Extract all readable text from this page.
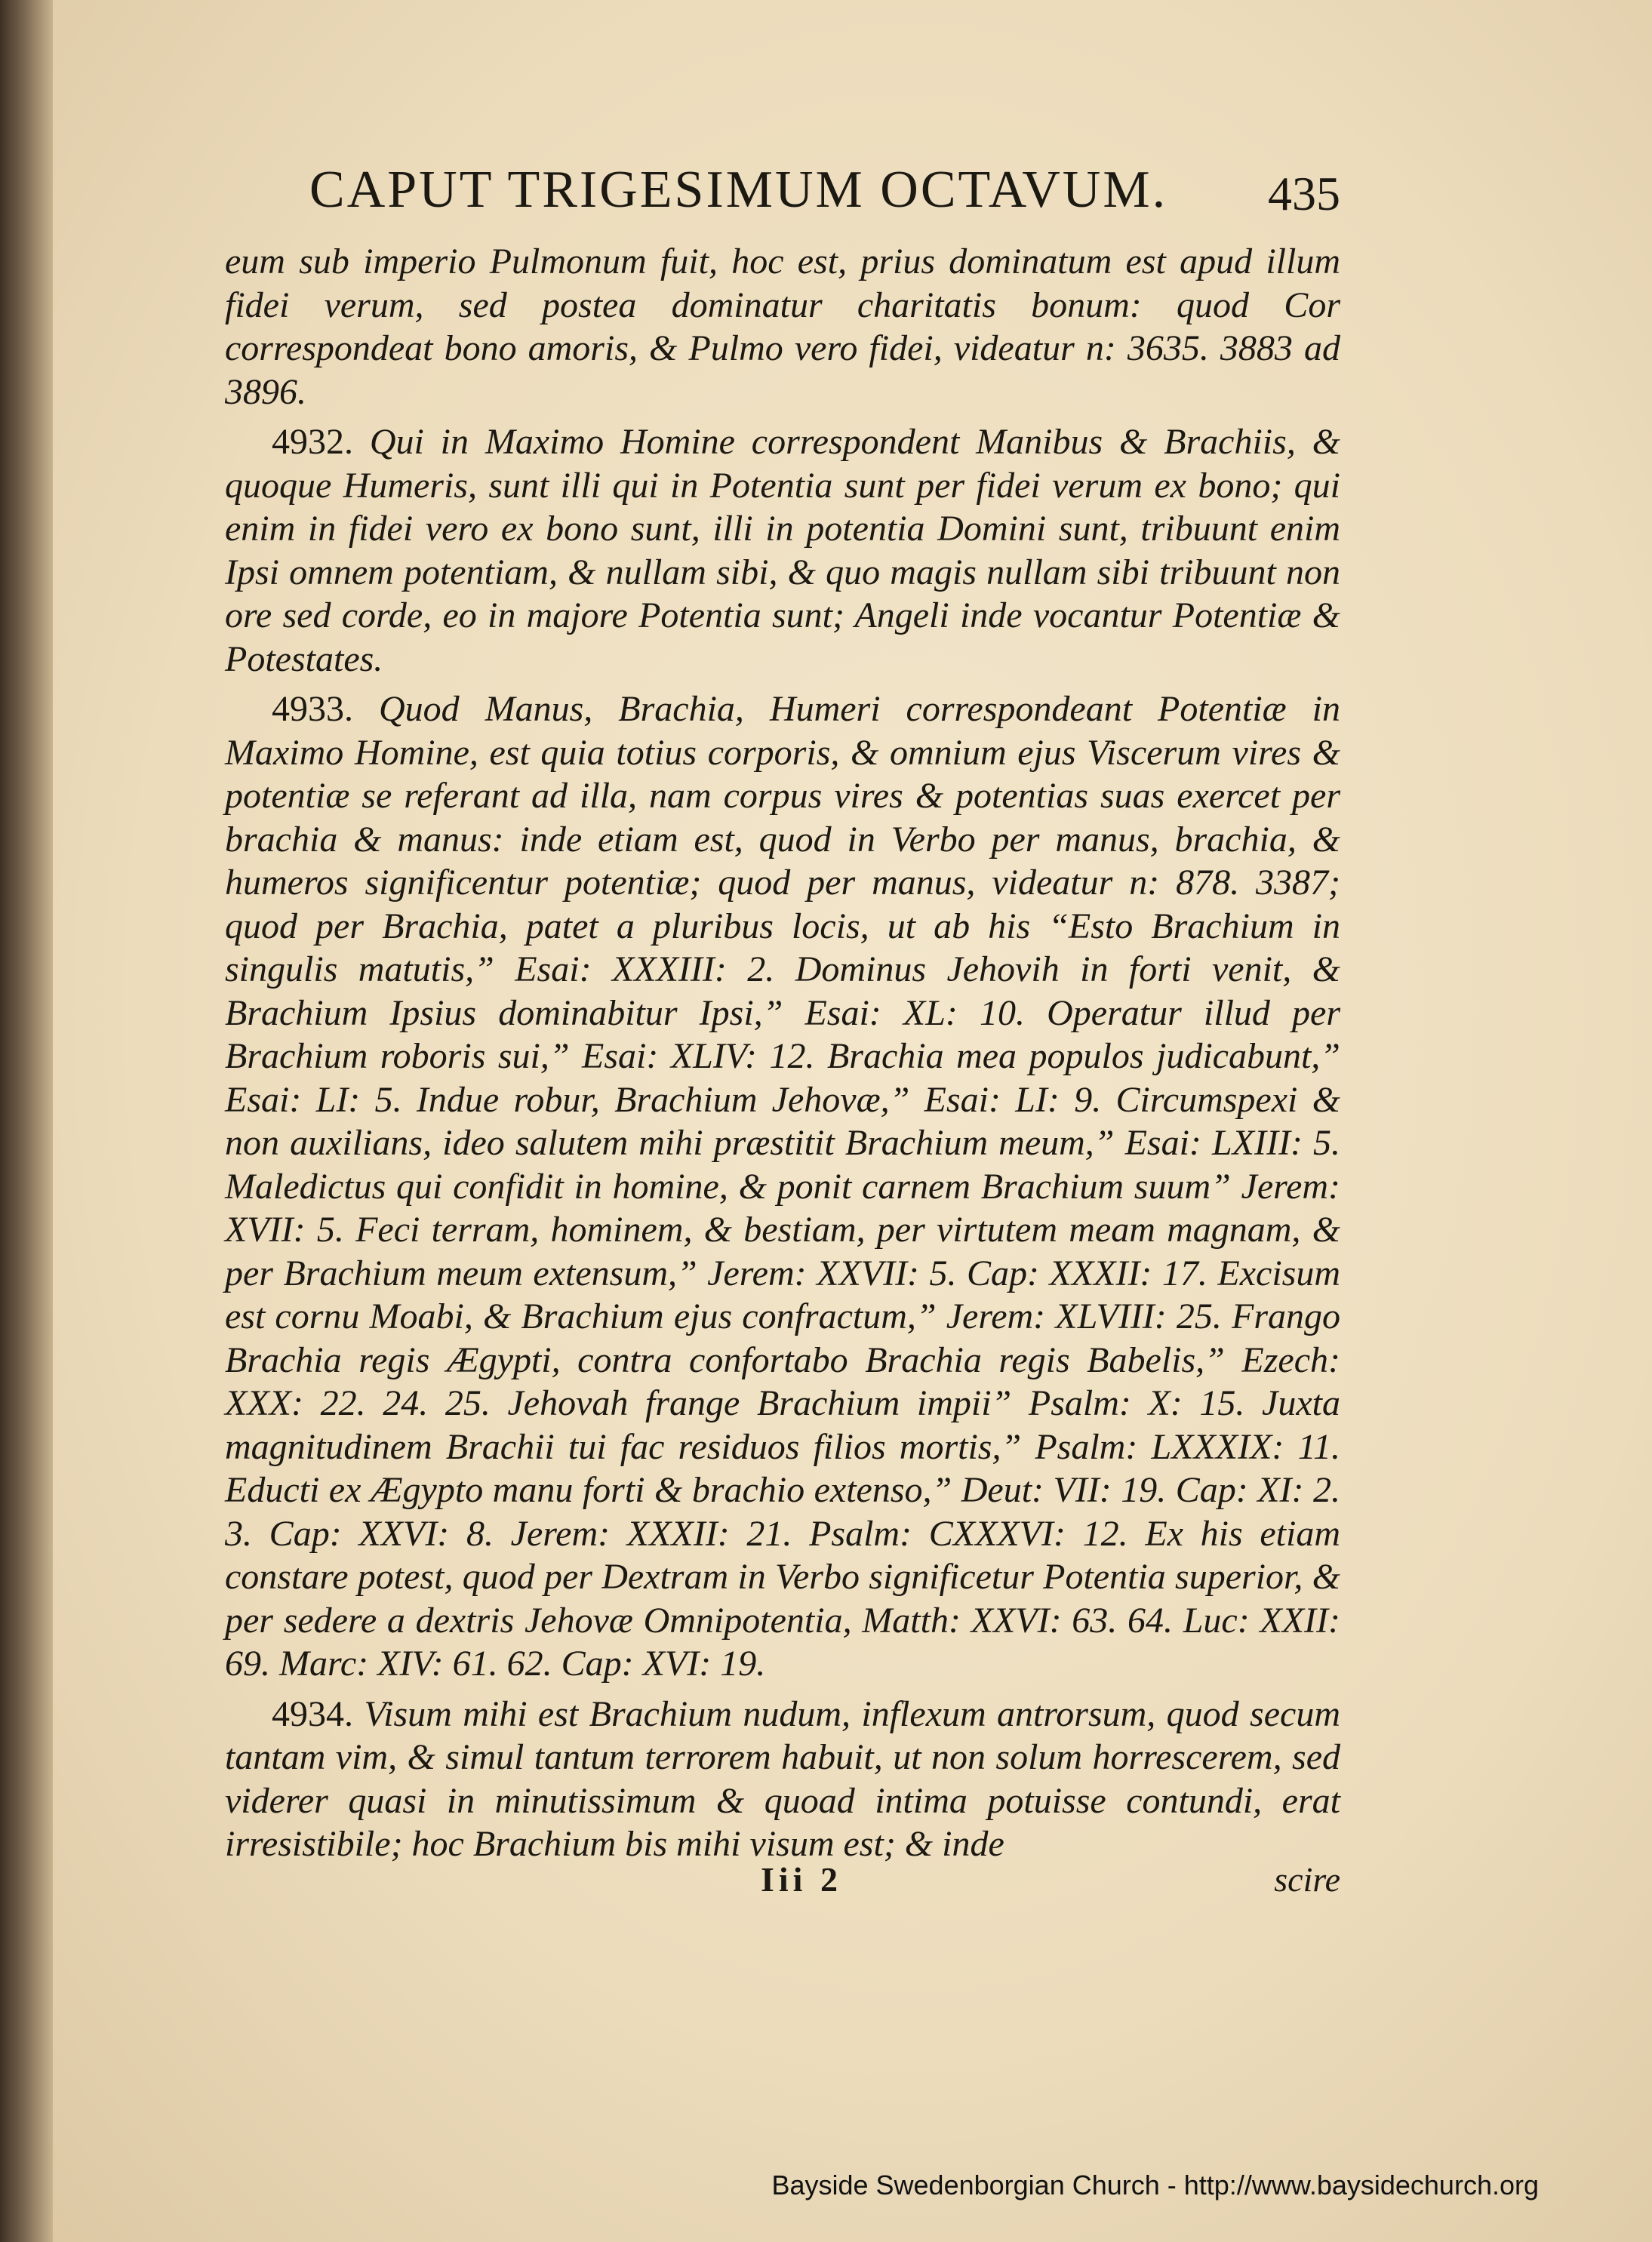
CAPUT TRIGESIMUM OCTAVUM. 435

eum sub imperio Pulmonum fuit, hoc est, prius dominatum est apud illum fidei verum, sed postea dominatur charitatis bonum: quod Cor correspondeat bono amoris, & Pulmo vero fidei, videatur n: 3635. 3883 ad 3896.

4932. Qui in Maximo Homine correspondent Manibus & Brachiis, & quoque Humeris, sunt illi qui in Potentia sunt per fidei verum ex bono; qui enim in fidei vero ex bono sunt, illi in potentia Domini sunt, tribuunt enim Ipsi omnem potentiam, & nullam sibi, & quo magis nullam sibi tribuunt non ore sed corde, eo in majore Potentia sunt; Angeli inde vocantur Potentiæ & Potestates.

4933. Quod Manus, Brachia, Humeri correspondeant Potentiæ in Maximo Homine, est quia totius corporis, & omnium ejus Viscerum vires & potentiæ se referant ad illa, nam corpus vires & potentias suas exercet per brachia & manus: inde etiam est, quod in Verbo per manus, brachia, & humeros significentur potentiæ; quod per manus, videatur n: 878. 3387; quod per Brachia, patet a pluribus locis, ut ab his “Esto Brachium in singulis matutis,” Esai: XXXIII: 2. Dominus Jehovih in forti venit, & Brachium Ipsius dominabitur Ipsi,” Esai: XL: 10. Operatur illud per Brachium roboris sui,” Esai: XLIV: 12. Brachia mea populos judicabunt,” Esai: LI: 5. Indue robur, Brachium Jehovæ,” Esai: LI: 9. Circumspexi & non auxilians, ideo salutem mihi præstitit Brachium meum,” Esai: LXIII: 5. Maledictus qui confidit in homine, & ponit carnem Brachium suum” Jerem: XVII: 5. Feci terram, hominem, & bestiam, per virtutem meam magnam, & per Brachium meum extensum,” Jerem: XXVII: 5. Cap: XXXII: 17. Excisum est cornu Moabi, & Brachium ejus confractum,” Jerem: XLVIII: 25. Frango Brachia regis Ægypti, contra confortabo Brachia regis Babelis,” Ezech: XXX: 22. 24. 25. Jehovah frange Brachium impii” Psalm: X: 15. Juxta magnitudinem Brachii tui fac residuos filios mortis,” Psalm: LXXXIX: 11. Educti ex Ægypto manu forti & brachio extenso,” Deut: VII: 19. Cap: XI: 2. 3. Cap: XXVI: 8. Jerem: XXXII: 21. Psalm: CXXXVI: 12. Ex his etiam constare potest, quod per Dextram in Verbo significetur Potentia superior, & per sedere a dextris Jehovæ Omnipotentia, Matth: XXVI: 63. 64. Luc: XXII: 69. Marc: XIV: 61. 62. Cap: XVI: 19.

4934. Visum mihi est Brachium nudum, inflexum antrorsum, quod secum tantam vim, & simul tantum terrorem habuit, ut non solum horrescerem, sed viderer quasi in minutissimum & quoad intima potuisse contundi, erat irresistibile; hoc Brachium bis mihi visum est; & inde

Iii 2	scire
Bayside Swedenborgian Church - http://www.baysidechurch.org
